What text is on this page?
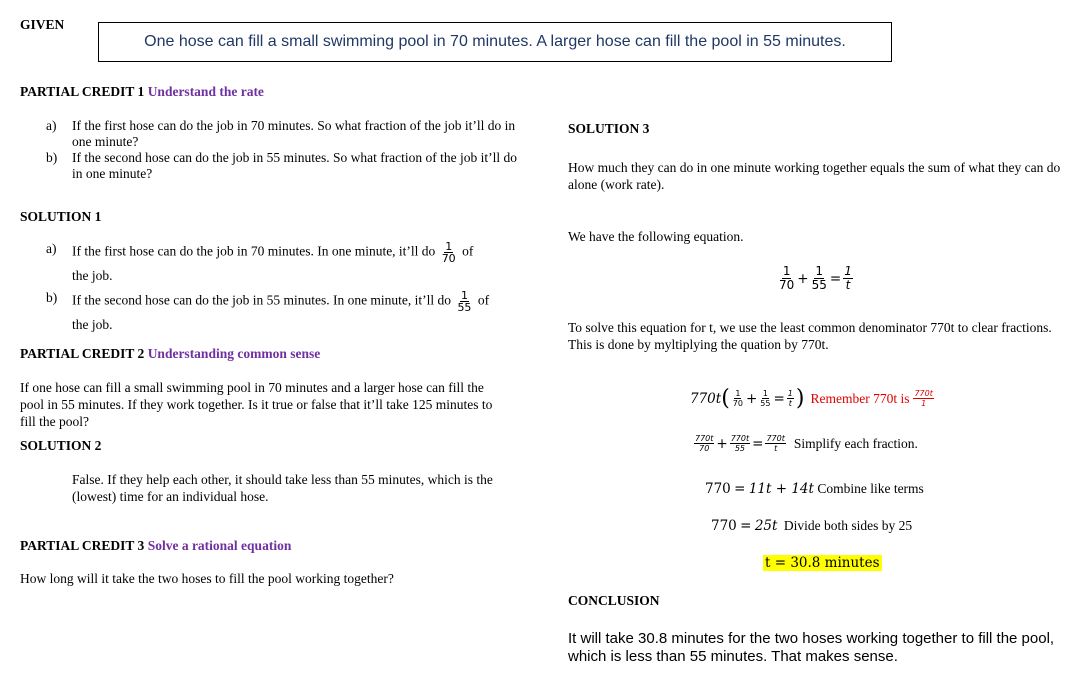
GIVEN
One hose can fill a small swimming pool in 70 minutes. A larger hose can fill the pool in 55 minutes.
PARTIAL CREDIT 1 Understand the rate
a)	If the first hose can do the job in 70 minutes. So what fraction of the job it’ll do in one minute?
b)	If the second hose can do the job in 55 minutes. So what fraction of the job it’ll do in one minute?
SOLUTION 1
a)	If the first hose can do the job in 70 minutes. In one minute, it’ll do $\frac{1}{70}$ of
the job.
b)	If the second hose can do the job in 55 minutes. In one minute, it’ll do $\frac{1}{55}$ of
the job.
PARTIAL CREDIT 2 Understanding common sense
If one hose can fill a small swimming pool in 70 minutes and a larger hose can fill the pool in 55 minutes. If they work together. Is it true or false that it’ll take 125 minutes to fill the pool?
SOLUTION 2
False. If they help each other, it should take less than 55 minutes, which is the (lowest) time for an individual hose.
PARTIAL CREDIT 3 Solve a rational equation
How long will it take the two hoses to fill the pool working together?
SOLUTION 3
How much they can do in one minute working together equals the sum of what they can do alone (work rate).
We have the following equation.
$\frac{1}{70} + \frac{1}{55} = \frac{1}{t}$
To solve this equation for t, we use the least common denominator 770t to clear fractions. This is done by myltiplying the quation by 770t.
770t ( $\frac{1}{70} + \frac{1}{55} = \frac{1}{t}$ ) Remember 770t is $\frac{770t}{1}$
$\frac{770t}{70} + \frac{770t}{55} = \frac{770t}{t}$ Simplify each fraction.
770 = 11t + 14t Combine like terms
770 = 25t Divide both sides by 25
t = 30.8 minutes
CONCLUSION
It will take 30.8 minutes for the two hoses working together to fill the pool, which is less than 55 minutes. That makes sense.
